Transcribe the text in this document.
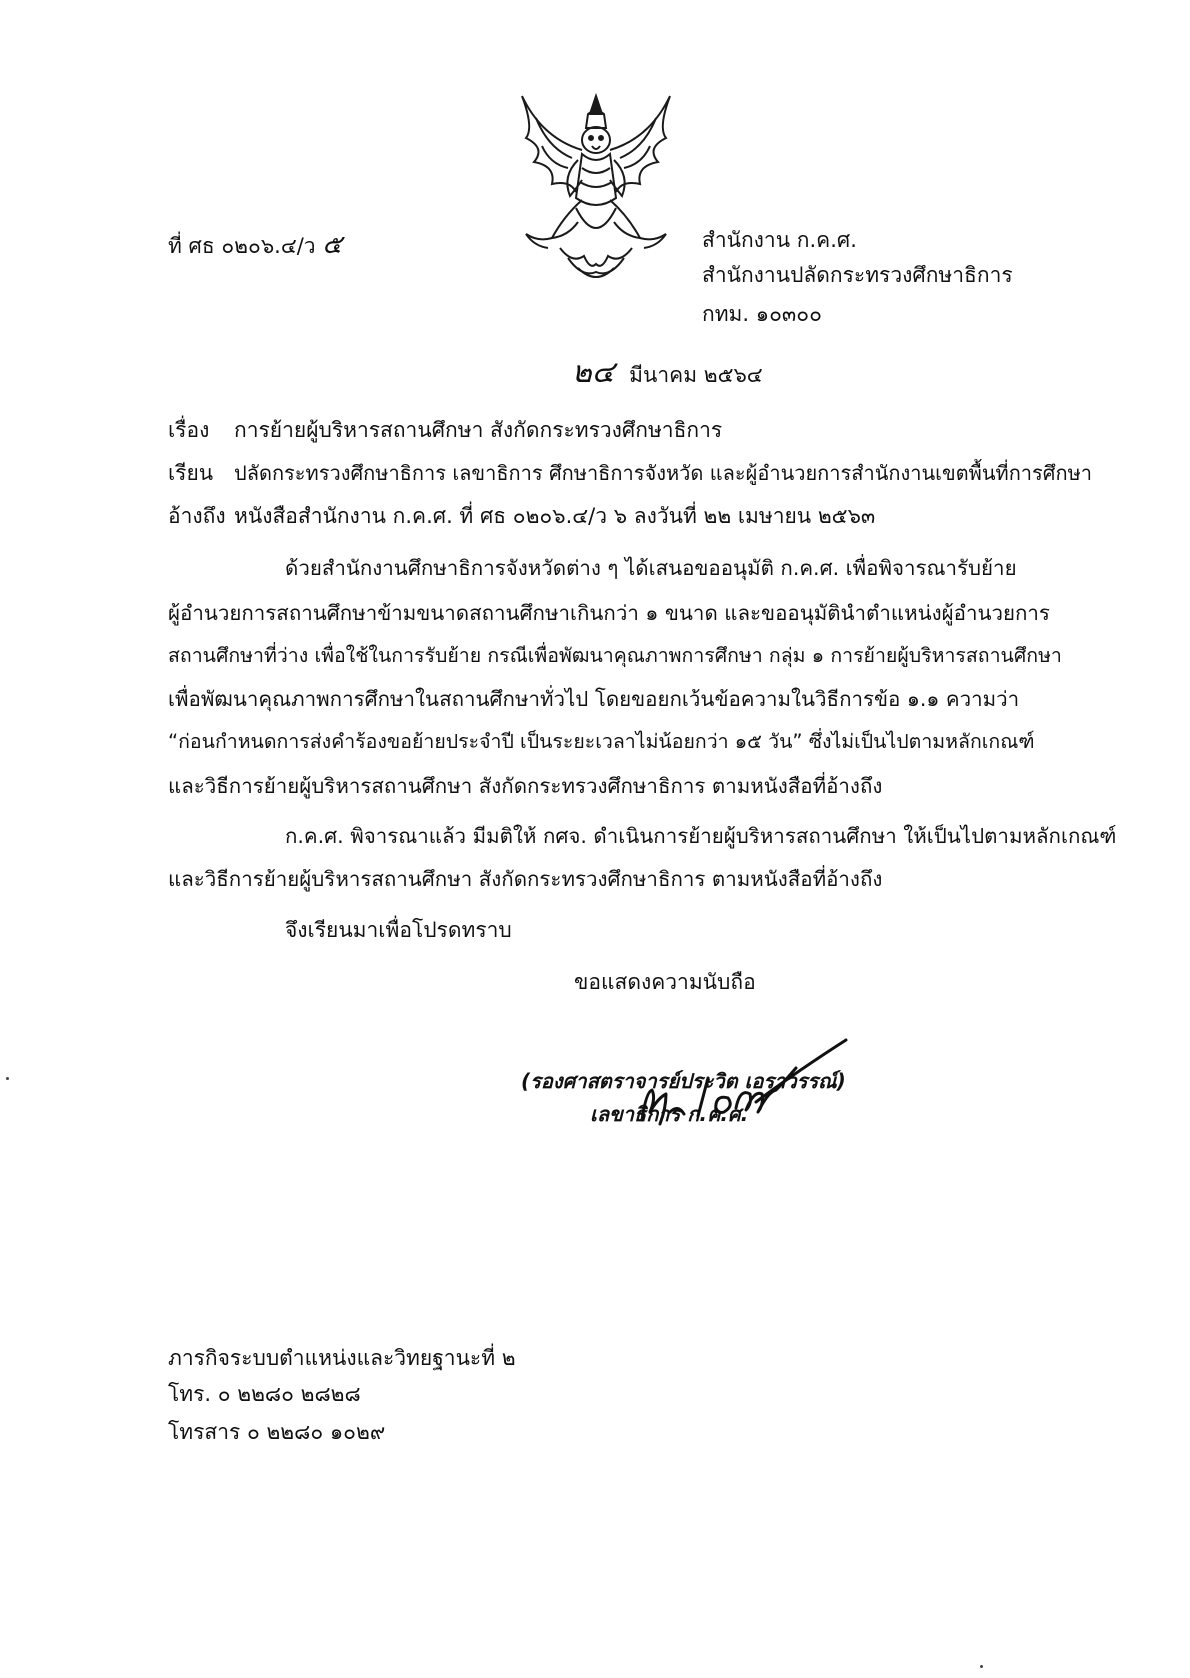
ที่ ศธ ๐๒๐๖.๔/ว ๕	สำนักงาน ก.ค.ศ.
สำนักงานปลัดกระทรวงศึกษาธิการ
กทม. ๑๐๓๐๐
๒๔ มีนาคม ๒๕๖๔
เรื่อง การย้ายผู้บริหารสถานศึกษา สังกัดกระทรวงศึกษาธิการ
เรียน ปลัดกระทรวงศึกษาธิการ เลขาธิการ ศึกษาธิการจังหวัด และผู้อำนวยการสำนักงานเขตพื้นที่การศึกษา
อ้างถึง หนังสือสำนักงาน ก.ค.ศ. ที่ ศธ ๐๒๐๖.๔/ว ๖ ลงวันที่ ๒๒ เมษายน ๒๕๖๓
ด้วยสำนักงานศึกษาธิการจังหวัดต่าง ๆ ได้เสนอขออนุมัติ ก.ค.ศ. เพื่อพิจารณารับย้าย
ผู้อำนวยการสถานศึกษาข้ามขนาดสถานศึกษาเกินกว่า ๑ ขนาด และขออนุมัตินำตำแหน่งผู้อำนวยการ
สถานศึกษาที่ว่าง เพื่อใช้ในการรับย้าย กรณีเพื่อพัฒนาคุณภาพการศึกษา กลุ่ม ๑ การย้ายผู้บริหารสถานศึกษา
เพื่อพัฒนาคุณภาพการศึกษาในสถานศึกษาทั่วไป โดยขอยกเว้นข้อความในวิธีการข้อ ๑.๑ ความว่า
“ก่อนกำหนดการส่งคำร้องขอย้ายประจำปี เป็นระยะเวลาไม่น้อยกว่า ๑๕ วัน” ซึ่งไม่เป็นไปตามหลักเกณฑ์
และวิธีการย้ายผู้บริหารสถานศึกษา สังกัดกระทรวงศึกษาธิการ ตามหนังสือที่อ้างถึง
ก.ค.ศ. พิจารณาแล้ว มีมติให้ กศจ. ดำเนินการย้ายผู้บริหารสถานศึกษา ให้เป็นไปตามหลักเกณฑ์
และวิธีการย้ายผู้บริหารสถานศึกษา สังกัดกระทรวงศึกษาธิการ ตามหนังสือที่อ้างถึง
จึงเรียนมาเพื่อโปรดทราบ
ขอแสดงความนับถือ
(รองศาสตราจารย์ประวิต เอราวรรณ์)
เลขาธิการ ก.ค.ศ.
ภารกิจระบบตำแหน่งและวิทยฐานะที่ ๒
โทร. ๐ ๒๒๘๐ ๒๘๒๘
โทรสาร ๐ ๒๒๘๐ ๑๐๒๙
